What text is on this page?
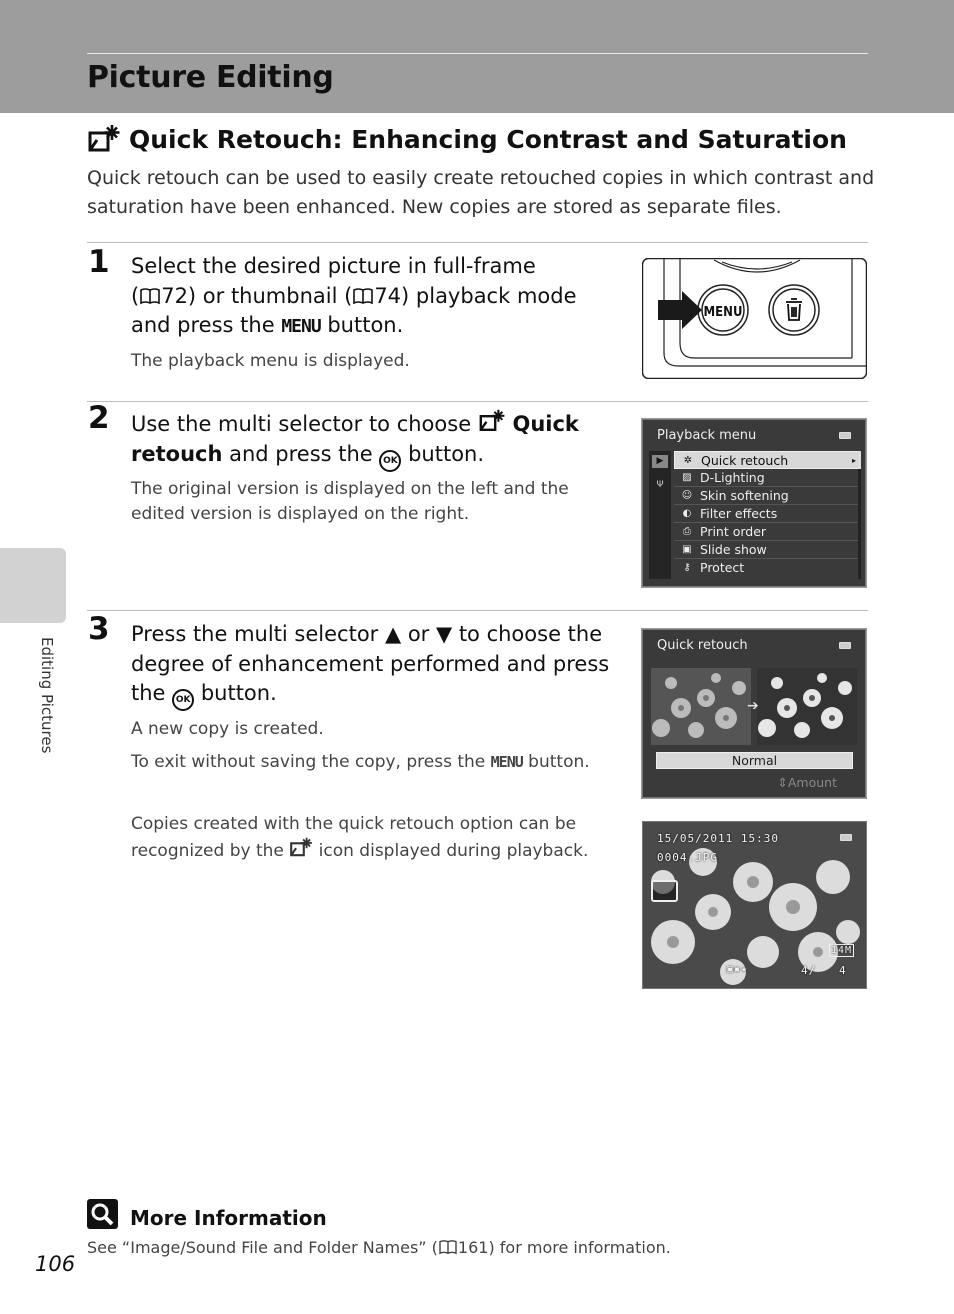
Picture Editing
Editing Pictures
Quick Retouch: Enhancing Contrast and Saturation

Quick retouch can be used to easily create retouched copies in which contrast and saturation have been enhanced. New copies are stored as separate files.

1 Select the desired picture in full-frame
( 72) or thumbnail ( 74) playback mode
and press the MENU button.
The playback menu is displayed.
MENU
2 Use the multi selector to choose  Quick
retouch and press the OK button.
The original version is displayed on the left and the edited version is displayed on the right.
Playback menu
▶
Ψ
✲ Quick retouch	▸
▨ D-Lighting
☺ Skin softening
◐ Filter effects
⎙ Print order
▣ Slide show
⚷ Protect
3 Press the multi selector ▲ or ▼ to choose the
degree of enhancement performed and press
the OK button.
A new copy is created.
To exit without saving the copy, press the MENU button.
Quick retouch
➔
Normal
⇕Amount
Copies created with the quick retouch option can be recognized by the  icon displayed during playback.
15/05/2011 15:30
0004.JPG
14M
▣▪★	4/ 4
More Information
See “Image/Sound File and Folder Names” ( 161) for more information.
106
